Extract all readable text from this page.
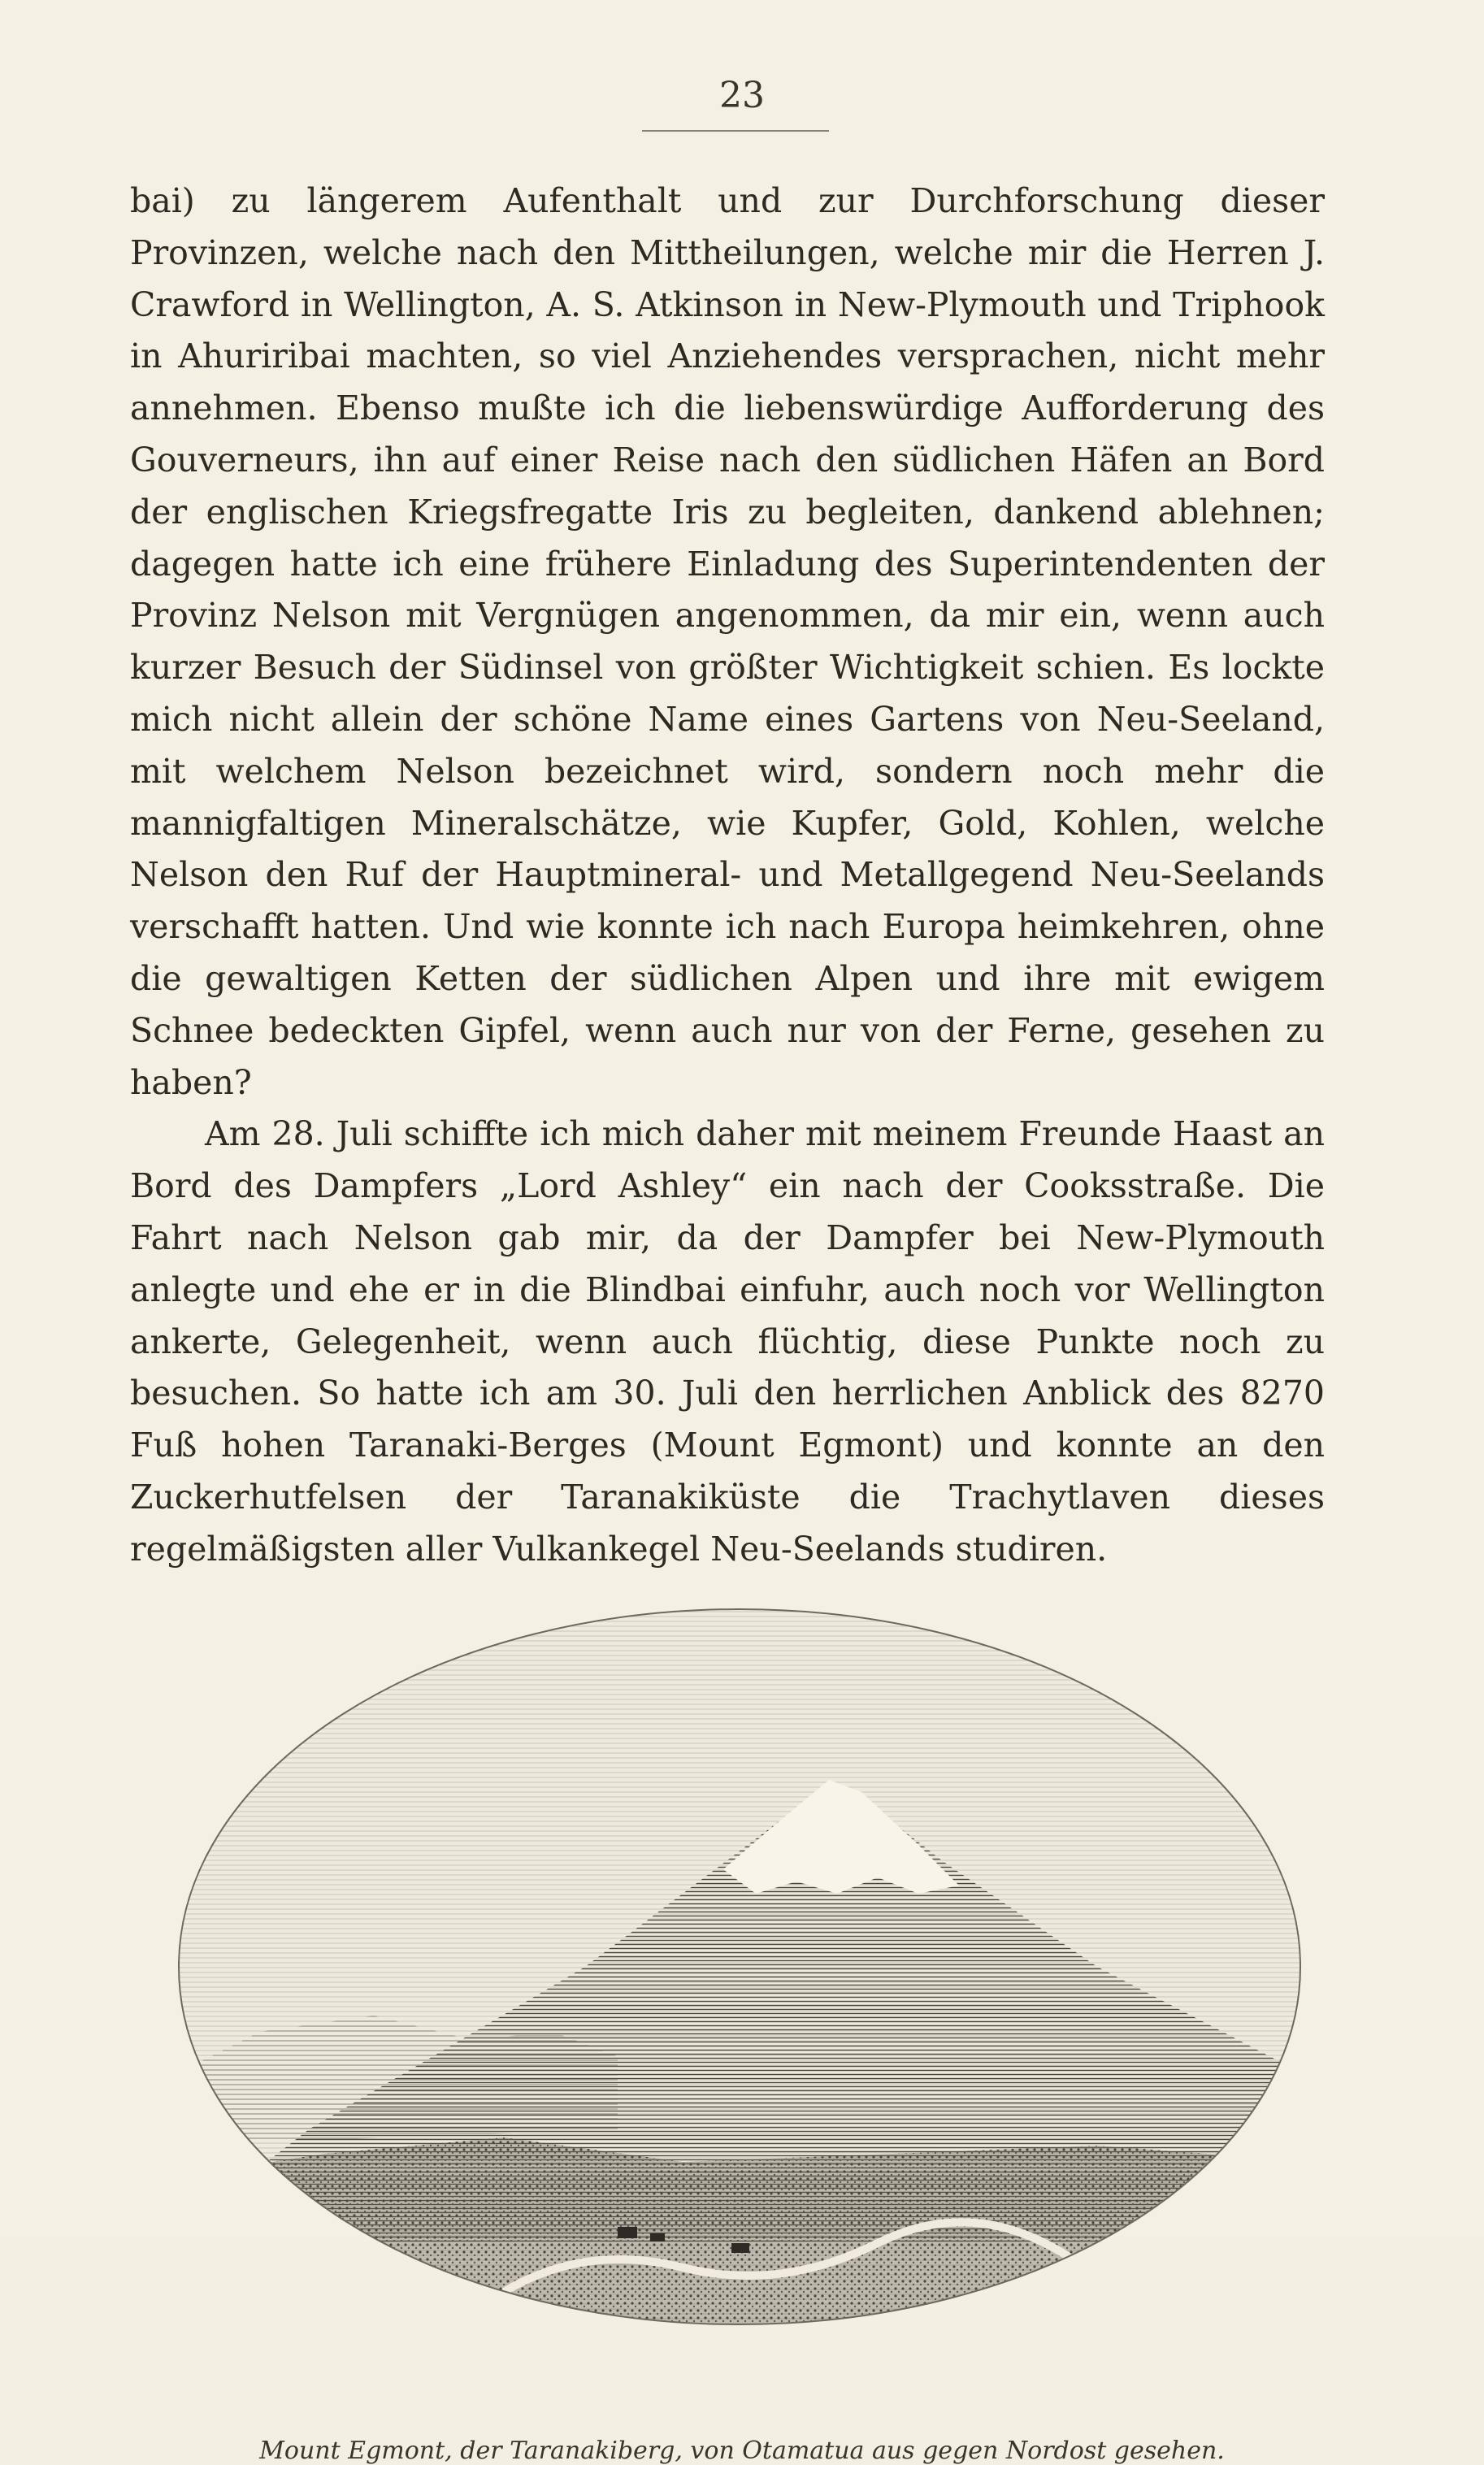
23

bai) zu längerem Aufenthalt und zur Durchforschung dieser Provinzen, welche nach den Mittheilungen, welche mir die Herren J. Crawford in Wellington, A. S. Atkinson in New-Plymouth und Triphook in Ahuriribai machten, so viel Anziehendes versprachen, nicht mehr annehmen. Ebenso mußte ich die liebenswürdige Aufforderung des Gouverneurs, ihn auf einer Reise nach den südlichen Häfen an Bord der englischen Kriegsfregatte Iris zu begleiten, dankend ablehnen; dagegen hatte ich eine frühere Einladung des Superintendenten der Provinz Nelson mit Vergnügen angenommen, da mir ein, wenn auch kurzer Besuch der Südinsel von größter Wichtigkeit schien. Es lockte mich nicht allein der schöne Name eines Gartens von Neu-Seeland, mit welchem Nelson bezeichnet wird, sondern noch mehr die mannigfaltigen Mineralschätze, wie Kupfer, Gold, Kohlen, welche Nelson den Ruf der Hauptmineral- und Metallgegend Neu-Seelands verschafft hatten. Und wie konnte ich nach Europa heimkehren, ohne die gewaltigen Ketten der südlichen Alpen und ihre mit ewigem Schnee bedeckten Gipfel, wenn auch nur von der Ferne, gesehen zu haben?

Am 28. Juli schiffte ich mich daher mit meinem Freunde Haast an Bord des Dampfers „Lord Ashley“ ein nach der Cooksstraße. Die Fahrt nach Nelson gab mir, da der Dampfer bei New-Plymouth anlegte und ehe er in die Blindbai einfuhr, auch noch vor Wellington ankerte, Gelegenheit, wenn auch flüchtig, diese Punkte noch zu besuchen. So hatte ich am 30. Juli den herrlichen Anblick des 8270 Fuß hohen Taranaki-Berges (Mount Egmont) und konnte an den Zuckerhutfelsen der Taranakiküste die Trachytlaven dieses regelmäßigsten aller Vulkankegel Neu-Seelands studiren.

Mount Egmont, der Taranakiberg, von Otamatua aus gegen Nordost gesehen.
